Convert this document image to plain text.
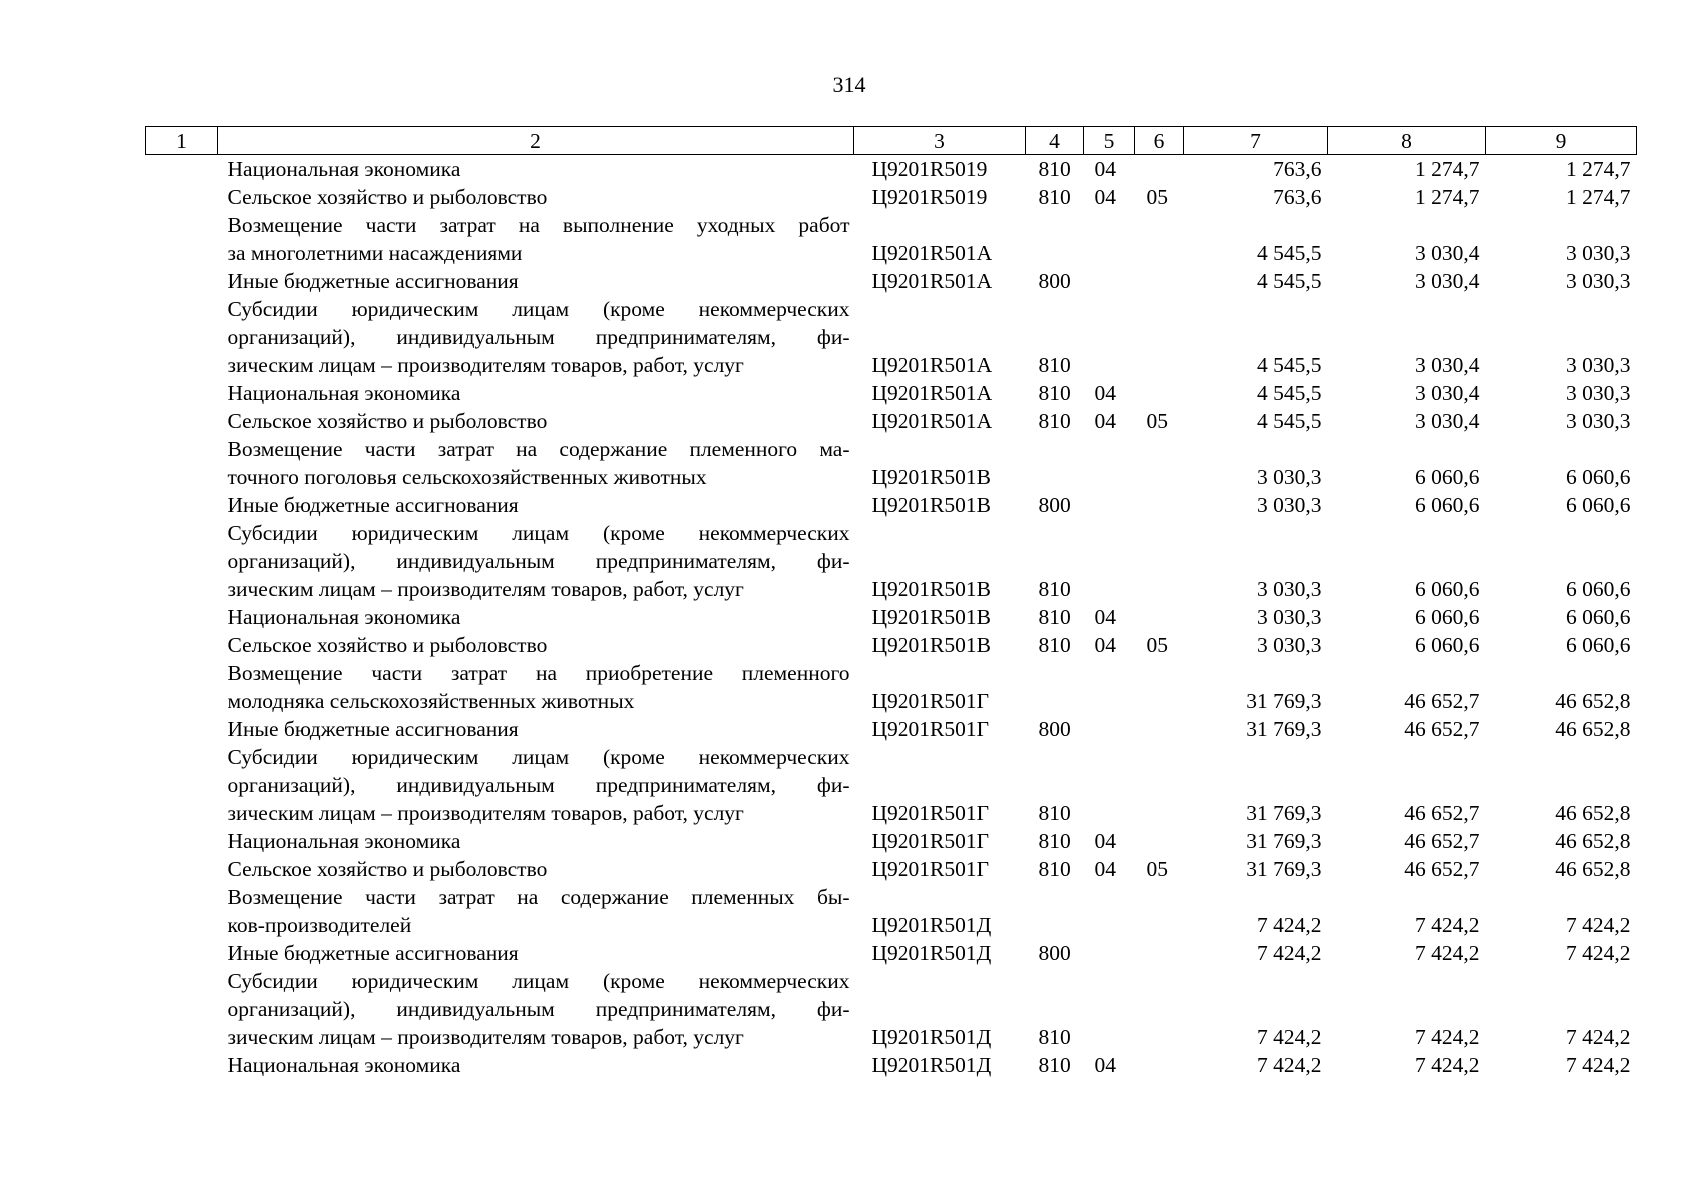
314
1	2	3	4	5	6	7	8	9
	Национальная экономика	Ц9201R5019	810	04		763,6	1 274,7	1 274,7
	Сельское хозяйство и рыболовство	Ц9201R5019	810	04	05	763,6	1 274,7	1 274,7
	Возмещение части затрат на выполнение уходных работ							
	за многолетними насаждениями	Ц9201R501А				4 545,5	3 030,4	3 030,3
	Иные бюджетные ассигнования	Ц9201R501А	800			4 545,5	3 030,4	3 030,3
	Субсидии юридическим лицам (кроме некоммерческих							
	организаций), индивидуальным предпринимателям, фи-							
	зическим лицам – производителям товаров, работ, услуг	Ц9201R501А	810			4 545,5	3 030,4	3 030,3
	Национальная экономика	Ц9201R501А	810	04		4 545,5	3 030,4	3 030,3
	Сельское хозяйство и рыболовство	Ц9201R501А	810	04	05	4 545,5	3 030,4	3 030,3
	Возмещение части затрат на содержание племенного ма-							
	точного поголовья сельскохозяйственных животных	Ц9201R501В				3 030,3	6 060,6	6 060,6
	Иные бюджетные ассигнования	Ц9201R501В	800			3 030,3	6 060,6	6 060,6
	Субсидии юридическим лицам (кроме некоммерческих							
	организаций), индивидуальным предпринимателям, фи-							
	зическим лицам – производителям товаров, работ, услуг	Ц9201R501В	810			3 030,3	6 060,6	6 060,6
	Национальная экономика	Ц9201R501В	810	04		3 030,3	6 060,6	6 060,6
	Сельское хозяйство и рыболовство	Ц9201R501В	810	04	05	3 030,3	6 060,6	6 060,6
	Возмещение части затрат на приобретение племенного							
	молодняка сельскохозяйственных животных	Ц9201R501Г				31 769,3	46 652,7	46 652,8
	Иные бюджетные ассигнования	Ц9201R501Г	800			31 769,3	46 652,7	46 652,8
	Субсидии юридическим лицам (кроме некоммерческих							
	организаций), индивидуальным предпринимателям, фи-							
	зическим лицам – производителям товаров, работ, услуг	Ц9201R501Г	810			31 769,3	46 652,7	46 652,8
	Национальная экономика	Ц9201R501Г	810	04		31 769,3	46 652,7	46 652,8
	Сельское хозяйство и рыболовство	Ц9201R501Г	810	04	05	31 769,3	46 652,7	46 652,8
	Возмещение части затрат на содержание племенных бы-							
	ков-производителей	Ц9201R501Д				7 424,2	7 424,2	7 424,2
	Иные бюджетные ассигнования	Ц9201R501Д	800			7 424,2	7 424,2	7 424,2
	Субсидии юридическим лицам (кроме некоммерческих							
	организаций), индивидуальным предпринимателям, фи-							
	зическим лицам – производителям товаров, работ, услуг	Ц9201R501Д	810			7 424,2	7 424,2	7 424,2
	Национальная экономика	Ц9201R501Д	810	04		7 424,2	7 424,2	7 424,2
